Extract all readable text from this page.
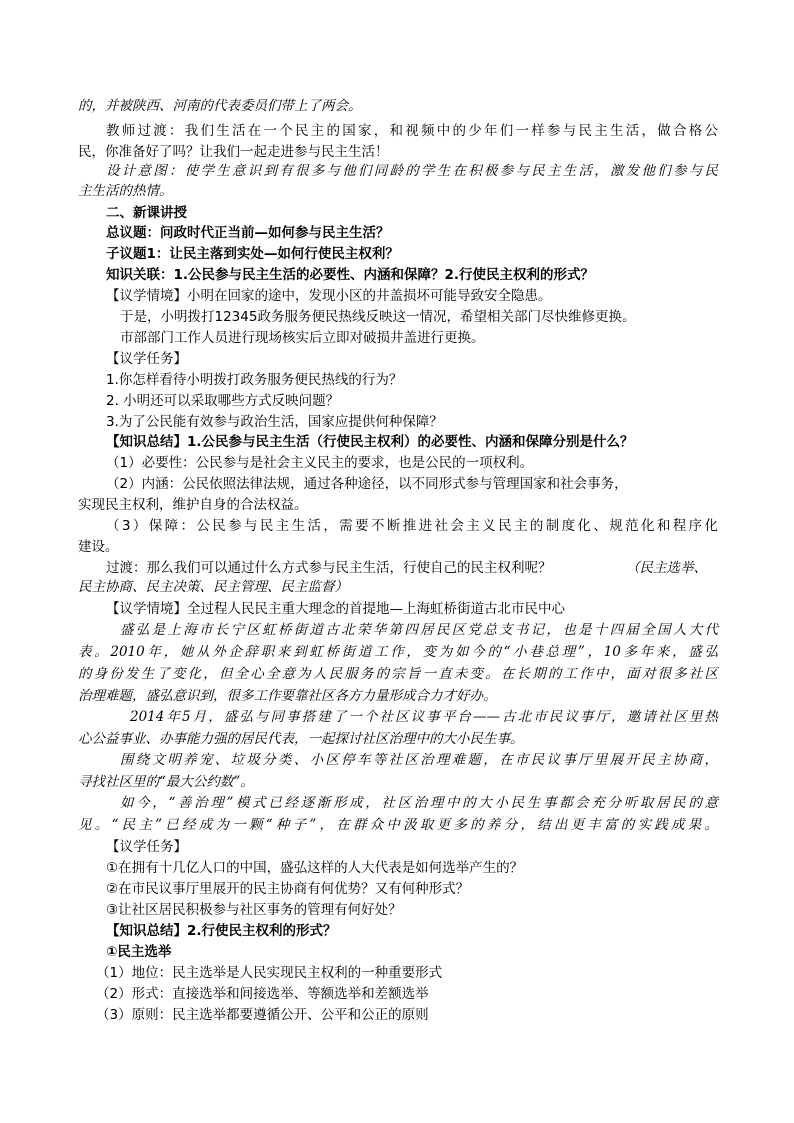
的，并被陕西、河南的代表委员们带上了两会。
教师过渡：我们生活在一个民主的国家，和视频中的少年们一样参与民主生活，做合格公
民，你准备好了吗？让我们一起走进参与民主生活！
设计意图：使学生意识到有很多与他们同龄的学生在积极参与民主生活，激发他们参与民
主生活的热情。
二、新课讲授
总议题：问政时代正当前—如何参与民主生活？
子议题1：让民主落到实处—如何行使民主权利？
知识关联：1.公民参与民主生活的必要性、内涵和保障？2.行使民主权利的形式？
【议学情境】小明在回家的途中，发现小区的井盖损坏可能导致安全隐患。
于是，小明拨打12345政务服务便民热线反映这一情况，希望相关部门尽快维修更换。
市部部门工作人员进行现场核实后立即对破损井盖进行更换。
【议学任务】
1.你怎样看待小明拨打政务服务便民热线的行为？
2. 小明还可以采取哪些方式反映问题？
3.为了公民能有效参与政治生活，国家应提供何种保障？
【知识总结】1.公民参与民主生活（行使民主权利）的必要性、内涵和保障分别是什么？
（1）必要性：公民参与是社会主义民主的要求，也是公民的一项权利。
（2）内涵：公民依照法律法规，通过各种途径，以不同形式参与管理国家和社会事务，
实现民主权利，维护自身的合法权益。
（3）保障：公民参与民主生活，需要不断推进社会主义民主的制度化、规范化和程序化
建设。
过渡：那么我们可以通过什么方式参与民主生活，行使自己的民主权利呢？	（民主选举、
民主协商、民主决策、民主管理、民主监督）
【议学情境】全过程人民民主重大理念的首提地—上海虹桥街道古北市民中心
盛弘是上海市长宁区虹桥街道古北荣华第四居民区党总支书记，也是十四届全国人大代
表。2010年，她从外企辞职来到虹桥街道工作，变为如今的“小巷总理”，10多年来，盛弘
的身份发生了变化，但全心全意为人民服务的宗旨一直未变。在长期的工作中，面对很多社区
治理难题，盛弘意识到，很多工作要靠社区各方力量形成合力才好办。
2014年5月，盛弘与同事搭建了一个社区议事平台——古北市民议事厅，邀请社区里热
心公益事业、办事能力强的居民代表，一起探讨社区治理中的大小民生事。
围绕文明养宠、垃圾分类、小区停车等社区治理难题，在市民议事厅里展开民主协商，
寻找社区里的“最大公约数”。
如今，“善治理”模式已经逐渐形成，社区治理中的大小民生事都会充分听取居民的意
见。“民主”已经成为一颗“种子”，在群众中汲取更多的养分，结出更丰富的实践成果。
【议学任务】
①在拥有十几亿人口的中国，盛弘这样的人大代表是如何选举产生的？
②在市民议事厅里展开的民主协商有何优势？又有何种形式？
③让社区居民积极参与社区事务的管理有何好处？
【知识总结】2.行使民主权利的形式？
①民主选举
（1）地位：民主选举是人民实现民主权利的一种重要形式
（2）形式：直接选举和间接选举、等额选举和差额选举
（3）原则：民主选举都要遵循公开、公平和公正的原则
